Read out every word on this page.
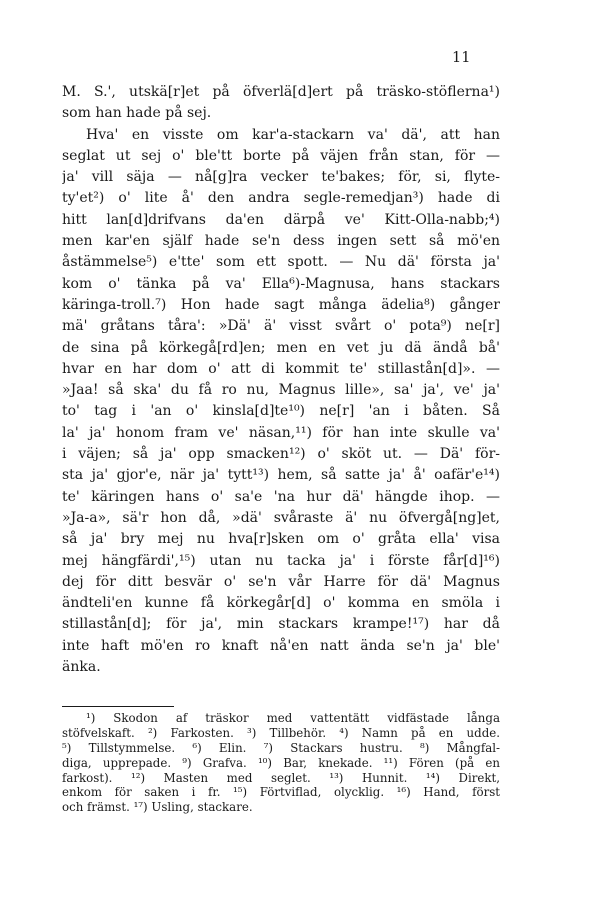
11
M. S.', utskä[r]et på öfverlä[d]ert på träsko-stöflerna¹)
som han hade på sej.
Hva' en visste om kar'a-stackarn va' dä', att han
seglat ut sej o' ble'tt borte på väjen från stan, för —
ja' vill säja — nå[g]ra vecker te'bakes; för, si, flyte-
ty'et²) o' lite å' den andra segle-remedjan³) hade di
hitt lan[d]drifvans da'en därpå ve' Kitt-Olla-nabb;⁴)
men kar'en själf hade se'n dess ingen sett så mö'en
åstämmelse⁵) e'tte' som ett spott. — Nu dä' första ja'
kom o' tänka på va' Ella⁶)-Magnusa, hans stackars
käringa-troll.⁷) Hon hade sagt många ädelia⁸) gånger
mä' gråtans tåra': »Dä' ä' visst svårt o' pota⁹) ne[r]
de sina på körkegå[rd]en; men en vet ju dä ändå bå'
hvar en har dom o' att di kommit te' stillastån[d]». —
»Jaa! så ska' du få ro nu, Magnus lille», sa' ja', ve' ja'
to' tag i 'an o' kinsla[d]te¹⁰) ne[r] 'an i båten. Så
la' ja' honom fram ve' näsan,¹¹) för han inte skulle va'
i väjen; så ja' opp smacken¹²) o' sköt ut. — Dä' för-
sta ja' gjor'e, när ja' tytt¹³) hem, så satte ja' å' oafär'e¹⁴)
te' käringen hans o' sa'e 'na hur dä' hängde ihop. —
»Ja-a», sä'r hon då, »dä' svåraste ä' nu öfvergå[ng]et,
så ja' bry mej nu hva[r]sken om o' gråta ella' visa
mej hängfärdi',¹⁵) utan nu tacka ja' i förste får[d]¹⁶)
dej för ditt besvär o' se'n vår Harre för dä' Magnus
ändteli'en kunne få körkegår[d] o' komma en smöla i
stillastån[d]; för ja', min stackars krampe!¹⁷) har då
inte haft mö'en ro knaft nå'en natt ända se'n ja' ble'
änka.
¹) Skodon af träskor med vattentätt vidfästade långa
stöfvelskaft. ²) Farkosten. ³) Tillbehör. ⁴) Namn på en udde.
⁵) Tillstymmelse. ⁶) Elin. ⁷) Stackars hustru. ⁸) Mångfal-
diga, upprepade. ⁹) Grafva. ¹⁰) Bar, knekade. ¹¹) Fören (på en
farkost). ¹²) Masten med seglet. ¹³) Hunnit. ¹⁴) Direkt,
enkom för saken i fr. ¹⁵) Förtviflad, olycklig. ¹⁶) Hand, först
och främst. ¹⁷) Usling, stackare.
